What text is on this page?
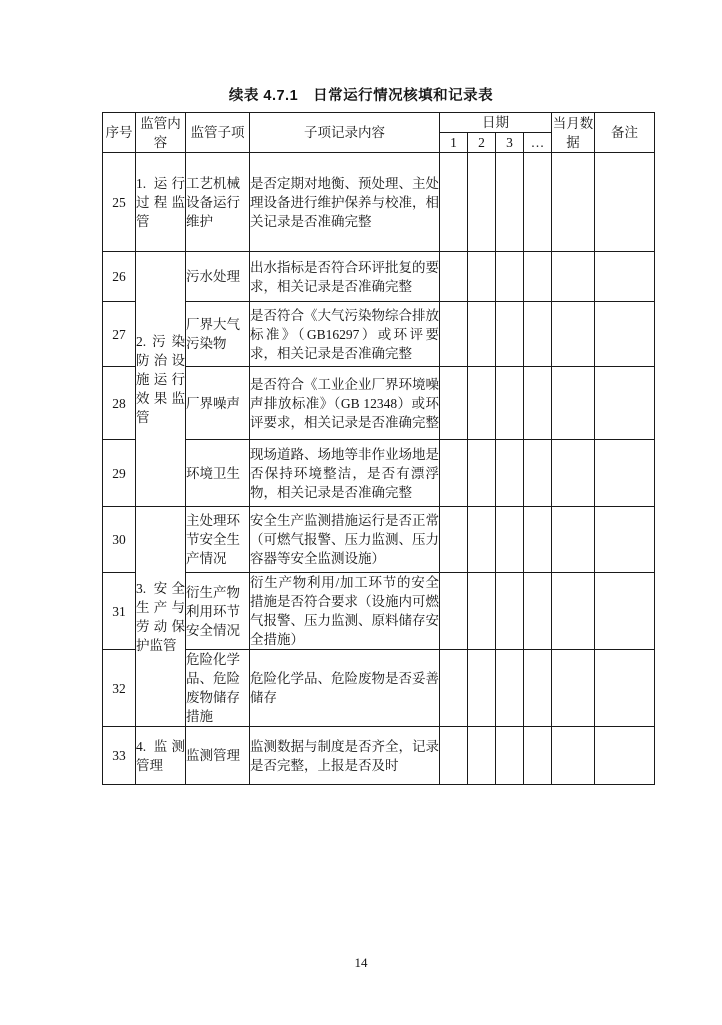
续表 4.7.1　日常运行情况核填和记录表
序号	监管内容	监管子项	子项记录内容	日期				当月数据	备注
				1	2	3	…		
25	1. 运行过程监管	工艺机械设备运行维护	是否定期对地衡、预处理、主处理设备进行维护保养与校准，相关记录是否准确完整						
26	2.污染防治设施运行效果监管	污水处理	出水指标是否符合环评批复的要求，相关记录是否准确完整						
27		厂界大气污染物	是否符合《大气污染物综合排放标准》（GB16297）或环评要求，相关记录是否准确完整						
28		厂界噪声	是否符合《工业企业厂界环境噪声排放标准》（GB 12348）或环评要求，相关记录是否准确完整						
29		环境卫生	现场道路、场地等非作业场地是否保持环境整洁，是否有漂浮物，相关记录是否准确完整						
30	3. 安全生产与劳动保护监管	主处理环节安全生产情况	安全生产监测措施运行是否正常（可燃气报警、压力监测、压力容器等安全监测设施）						
31		衍生产物利用环节安全情况	衍生产物利用/加工环节的安全措施是否符合要求（设施内可燃气报警、压力监测、原料储存安全措施）						
32		危险化学品、危险废物储存措施	危险化学品、危险废物是否妥善储存						
33	4. 监测管理	监测管理	监测数据与制度是否齐全，记录是否完整，上报是否及时						
14
